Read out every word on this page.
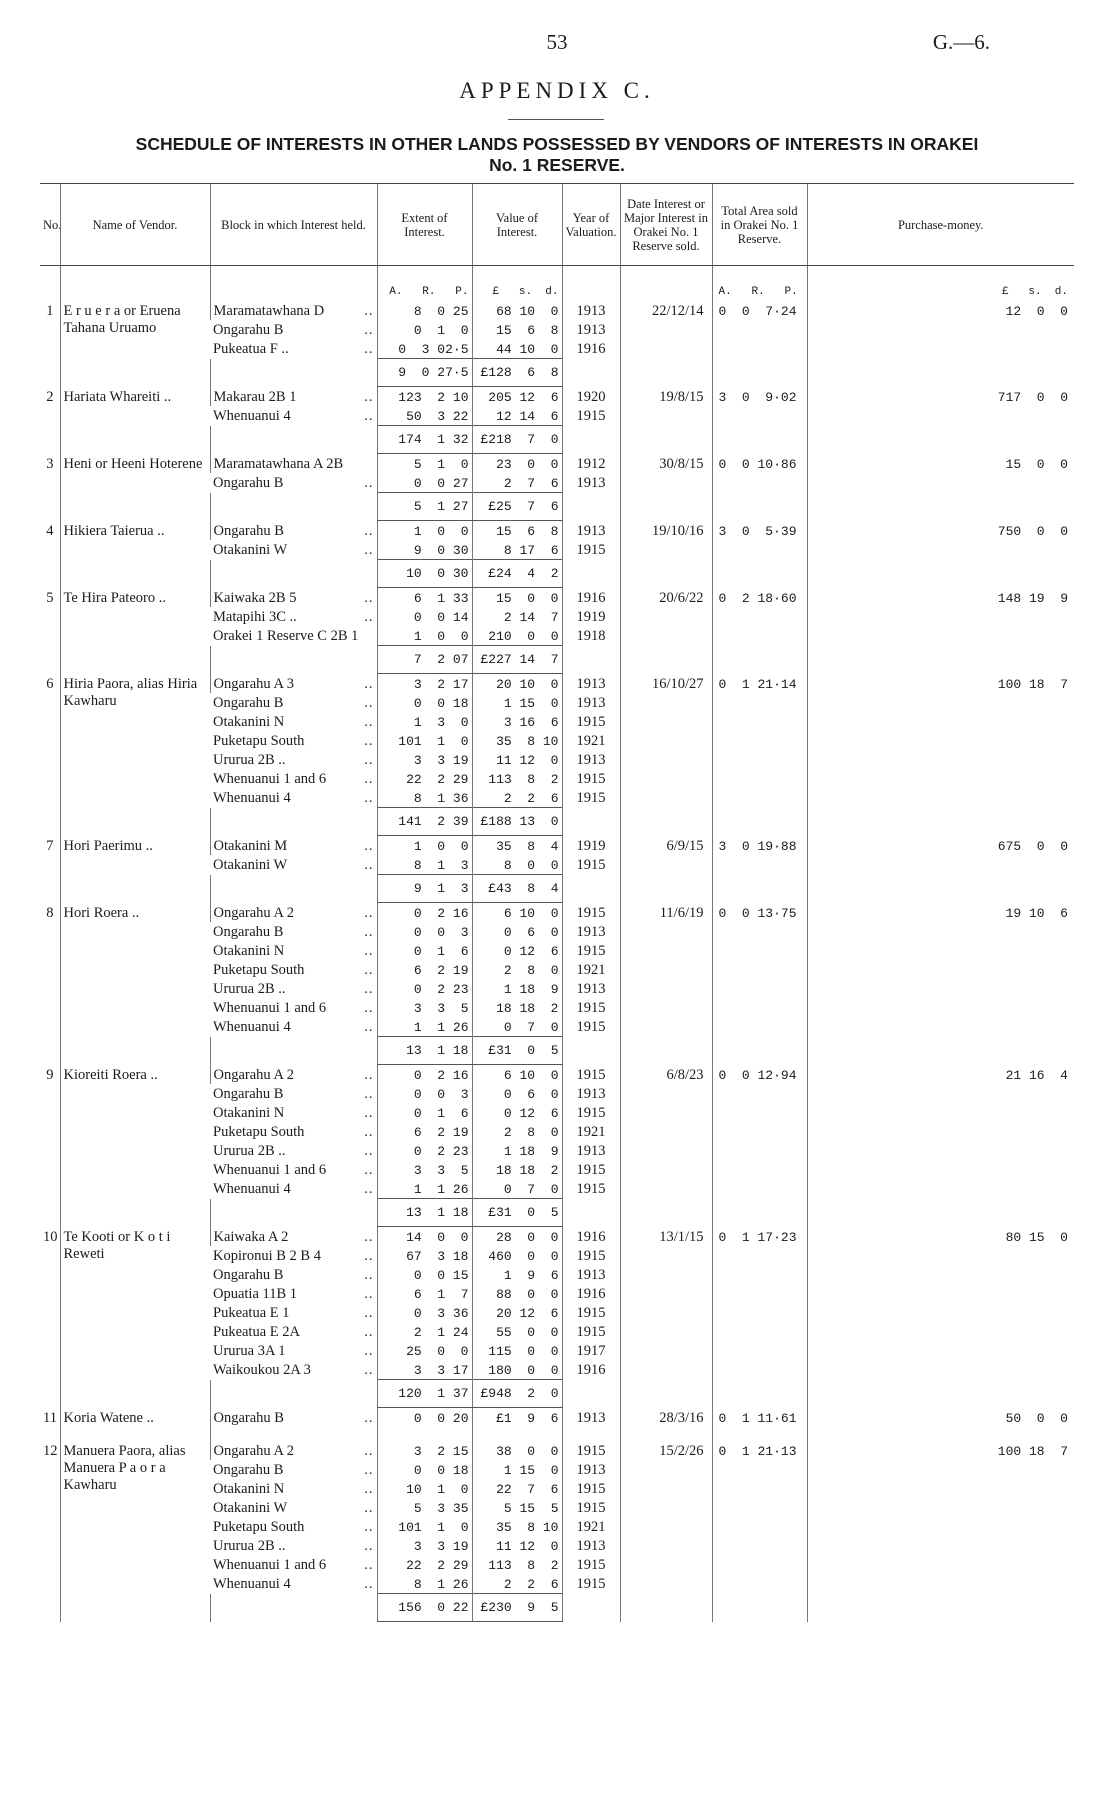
53	G.—6.
APPENDIX C.
SCHEDULE OF INTERESTS IN OTHER LANDS POSSESSED BY VENDORS OF INTERESTS IN ORAKEI
No. 1 RESERVE.
No.	Name of Vendor.	Block in which Interest held.	Extent of Interest.	Value of Interest.	Year of Valuation.	Date Interest or Major Interest in Orakei No. 1 Reserve sold.	Total Area sold in Orakei No. 1 Reserve.	Purchase-money.
			A.   R.   P.	£   s.  d.			A.   R.   P.	£   s.  d.
1	E r u e r a or Eruena Tahana Uruamo	Maramatawhana D ..	8  0 25	68 10  0	1913	22/12/14	0  0  7·24	12  0  0

		Ongarahu B ..	0  1  0	15  6  8	1913			

		Pukeatua F .. ..	0  3 02·5	44 10  0	1916			
			9  0 27·5	£128  6  8				
2	Hariata Whareiti ..	Makarau 2B 1 ..	123  2 10	205 12  6	1920	19/8/15	3  0  9·02	717  0  0

		Whenuanui 4 ..	50  3 22	12 14  6	1915			
			174  1 32	£218  7  0				
3	Heni or Heeni Hoterene	Maramatawhana A 2B	5  1  0	23  0  0	1912	30/8/15	0  0 10·86	15  0  0

		Ongarahu B ..	0  0 27	2  7  6	1913			
			5  1 27	£25  7  6				
4	Hikiera Taierua ..	Ongarahu B ..	1  0  0	15  6  8	1913	19/10/16	3  0  5·39	750  0  0

		Otakanini W ..	9  0 30	8 17  6	1915			
			10  0 30	£24  4  2				
5	Te Hira Pateoro ..	Kaiwaka 2B 5 ..	6  1 33	15  0  0	1916	20/6/22	0  2 18·60	148 19  9

		Matapihi 3C .. ..	0  0 14	2 14  7	1919			

		Orakei 1 Reserve C 2B 1	1  0  0	210  0  0	1918			
			7  2 07	£227 14  7				
6	Hiria Paora, alias Hiria Kawharu	Ongarahu A 3 ..	3  2 17	20 10  0	1913	16/10/27	0  1 21·14	100 18  7

		Ongarahu B ..	0  0 18	1 15  0	1913			

		Otakanini N ..	1  3  0	3 16  6	1915			

		Puketapu South ..	101  1  0	35  8 10	1921			

		Ururua 2B .. ..	3  3 19	11 12  0	1913			

		Whenuanui 1 and 6 ..	22  2 29	113  8  2	1915			

		Whenuanui 4 ..	8  1 36	2  2  6	1915			
			141  2 39	£188 13  0				
7	Hori Paerimu ..	Otakanini M ..	1  0  0	35  8  4	1919	6/9/15	3  0 19·88	675  0  0

		Otakanini W ..	8  1  3	8  0  0	1915			
			9  1  3	£43  8  4				
8	Hori Roera ..	Ongarahu A 2 ..	0  2 16	6 10  0	1915	11/6/19	0  0 13·75	19 10  6

		Ongarahu B ..	0  0  3	0  6  0	1913			

		Otakanini N ..	0  1  6	0 12  6	1915			

		Puketapu South ..	6  2 19	2  8  0	1921			

		Ururua 2B .. ..	0  2 23	1 18  9	1913			

		Whenuanui 1 and 6 ..	3  3  5	18 18  2	1915			

		Whenuanui 4 ..	1  1 26	0  7  0	1915			
			13  1 18	£31  0  5				
9	Kioreiti Roera ..	Ongarahu A 2 ..	0  2 16	6 10  0	1915	6/8/23	0  0 12·94	21 16  4

		Ongarahu B ..	0  0  3	0  6  0	1913			

		Otakanini N ..	0  1  6	0 12  6	1915			

		Puketapu South ..	6  2 19	2  8  0	1921			

		Ururua 2B .. ..	0  2 23	1 18  9	1913			

		Whenuanui 1 and 6 ..	3  3  5	18 18  2	1915			

		Whenuanui 4 ..	1  1 26	0  7  0	1915			
			13  1 18	£31  0  5				
10	Te Kooti or K o t i Reweti	Kaiwaka A 2 ..	14  0  0	28  0  0	1916	13/1/15	0  1 17·23	80 15  0

		Kopironui B 2 B 4 ..	67  3 18	460  0  0	1915			

		Ongarahu B ..	0  0 15	1  9  6	1913			

		Opuatia 11B 1 ..	6  1  7	88  0  0	1916			

		Pukeatua E 1 ..	0  3 36	20 12  6	1915			

		Pukeatua E 2A ..	2  1 24	55  0  0	1915			

		Ururua 3A 1 ..	25  0  0	115  0  0	1917			

		Waikoukou 2A 3 ..	3  3 17	180  0  0	1916			
			120  1 37	£948  2  0				
11	Koria Watene ..	Ongarahu B ..	0  0 20	£1  9  6	1913	28/3/16	0  1 11·61	50  0  0

12	Manuera Paora, alias Manuera P a o r a Kawharu	Ongarahu A 2 ..	3  2 15	38  0  0	1915	15/2/26	0  1 21·13	100 18  7

		Ongarahu B ..	0  0 18	1 15  0	1913			

		Otakanini N ..	10  1  0	22  7  6	1915			

		Otakanini W ..	5  3 35	5 15  5	1915			

		Puketapu South ..	101  1  0	35  8 10	1921			

		Ururua 2B .. ..	3  3 19	11 12  0	1913			

		Whenuanui 1 and 6 ..	22  2 29	113  8  2	1915			

		Whenuanui 4 ..	8  1 26	2  2  6	1915			
			156  0 22	£230  9  5				
